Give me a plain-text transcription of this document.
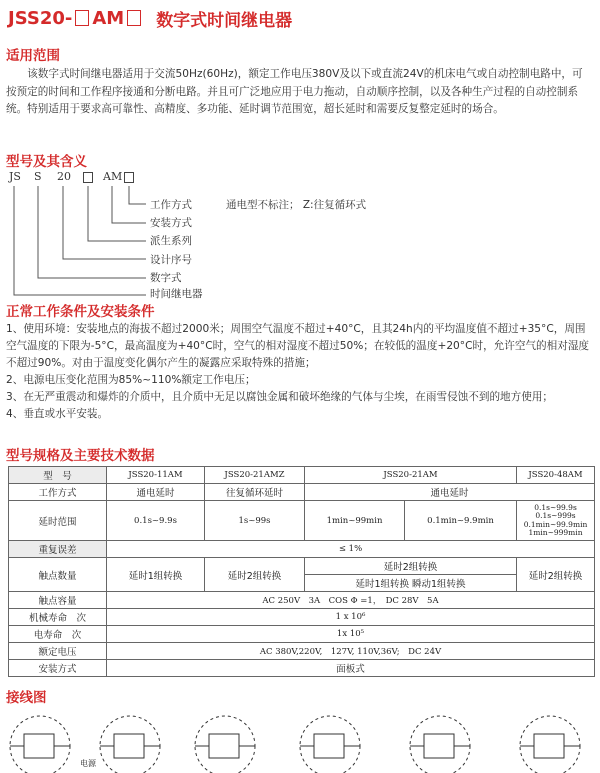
JSS20- AM 数字式时间继电器
适用范围

该数字式时间继电器适用于交流50Hz(60Hz)，额定工作电压380V及以下或直流24V的机床电气或自动控制电路中，可按预定的时间和工作程序接通和分断电路。并且可广泛地应用于电力拖动，自动顺序控制，以及各种生产过程的自动控制系统。特别适用于要求高可靠性、高精度、多功能、延时调节范围宽，超长延时和需要反复整定延时的场合。

型号及其含义
JS S 20	AM
工作方式	通电型不标注； Z:往复循环式
安装方式
派生系列
设计序号
数字式
时间继电器
正常工作条件及安装条件

1、使用环境：安装地点的海拔不超过2000米；周围空气温度不超过+40°C，且其24h内的平均温度值不超过+35°C，周围空气温度的下限为-5°C，最高温度为+40°C时，空气的相对湿度不超过50%；在较低的温度+20°C时，允许空气的相对湿度不超过90%。对由于温度变化偶尔产生的凝露应采取特殊的措施；

2、电源电压变化范围为85%~110%额定工作电压；

3、在无严重震动和爆炸的介质中，且介质中无足以腐蚀金属和破坏绝缘的气体与尘埃，在雨雪侵蚀不到的地方使用；

4、垂直或水平安装。

型号规格及主要技术数据
型　号	JSS20-11AM	JSS20-21AMZ	JSS20-21AM		JSS20-48AM
工作方式	通电延时	往复循环延时	通电延时		
延时范围	0.1s~9.9s	1s~99s	1min~99min	0.1min~9.9min	0.1s~99.9s
0.1s~999s
0.1min~99.9min
1min~999min

重复误差	≤ 1%				
触点数量	延时1组转换	延时2组转换	延时2组转换		延时2组转换
			延时1组转换 瞬动1组转换		
触点容量	AC 250V　3A　COS Φ =1，　DC 28V　5A				
机械寿命　次	1 x 10⁶				
电寿命　次	1x 10⁵				
额定电压	AC 380V,220V,　127V, 110V,36V;　DC 24V				
安装方式	面板式				
接线图
电源
